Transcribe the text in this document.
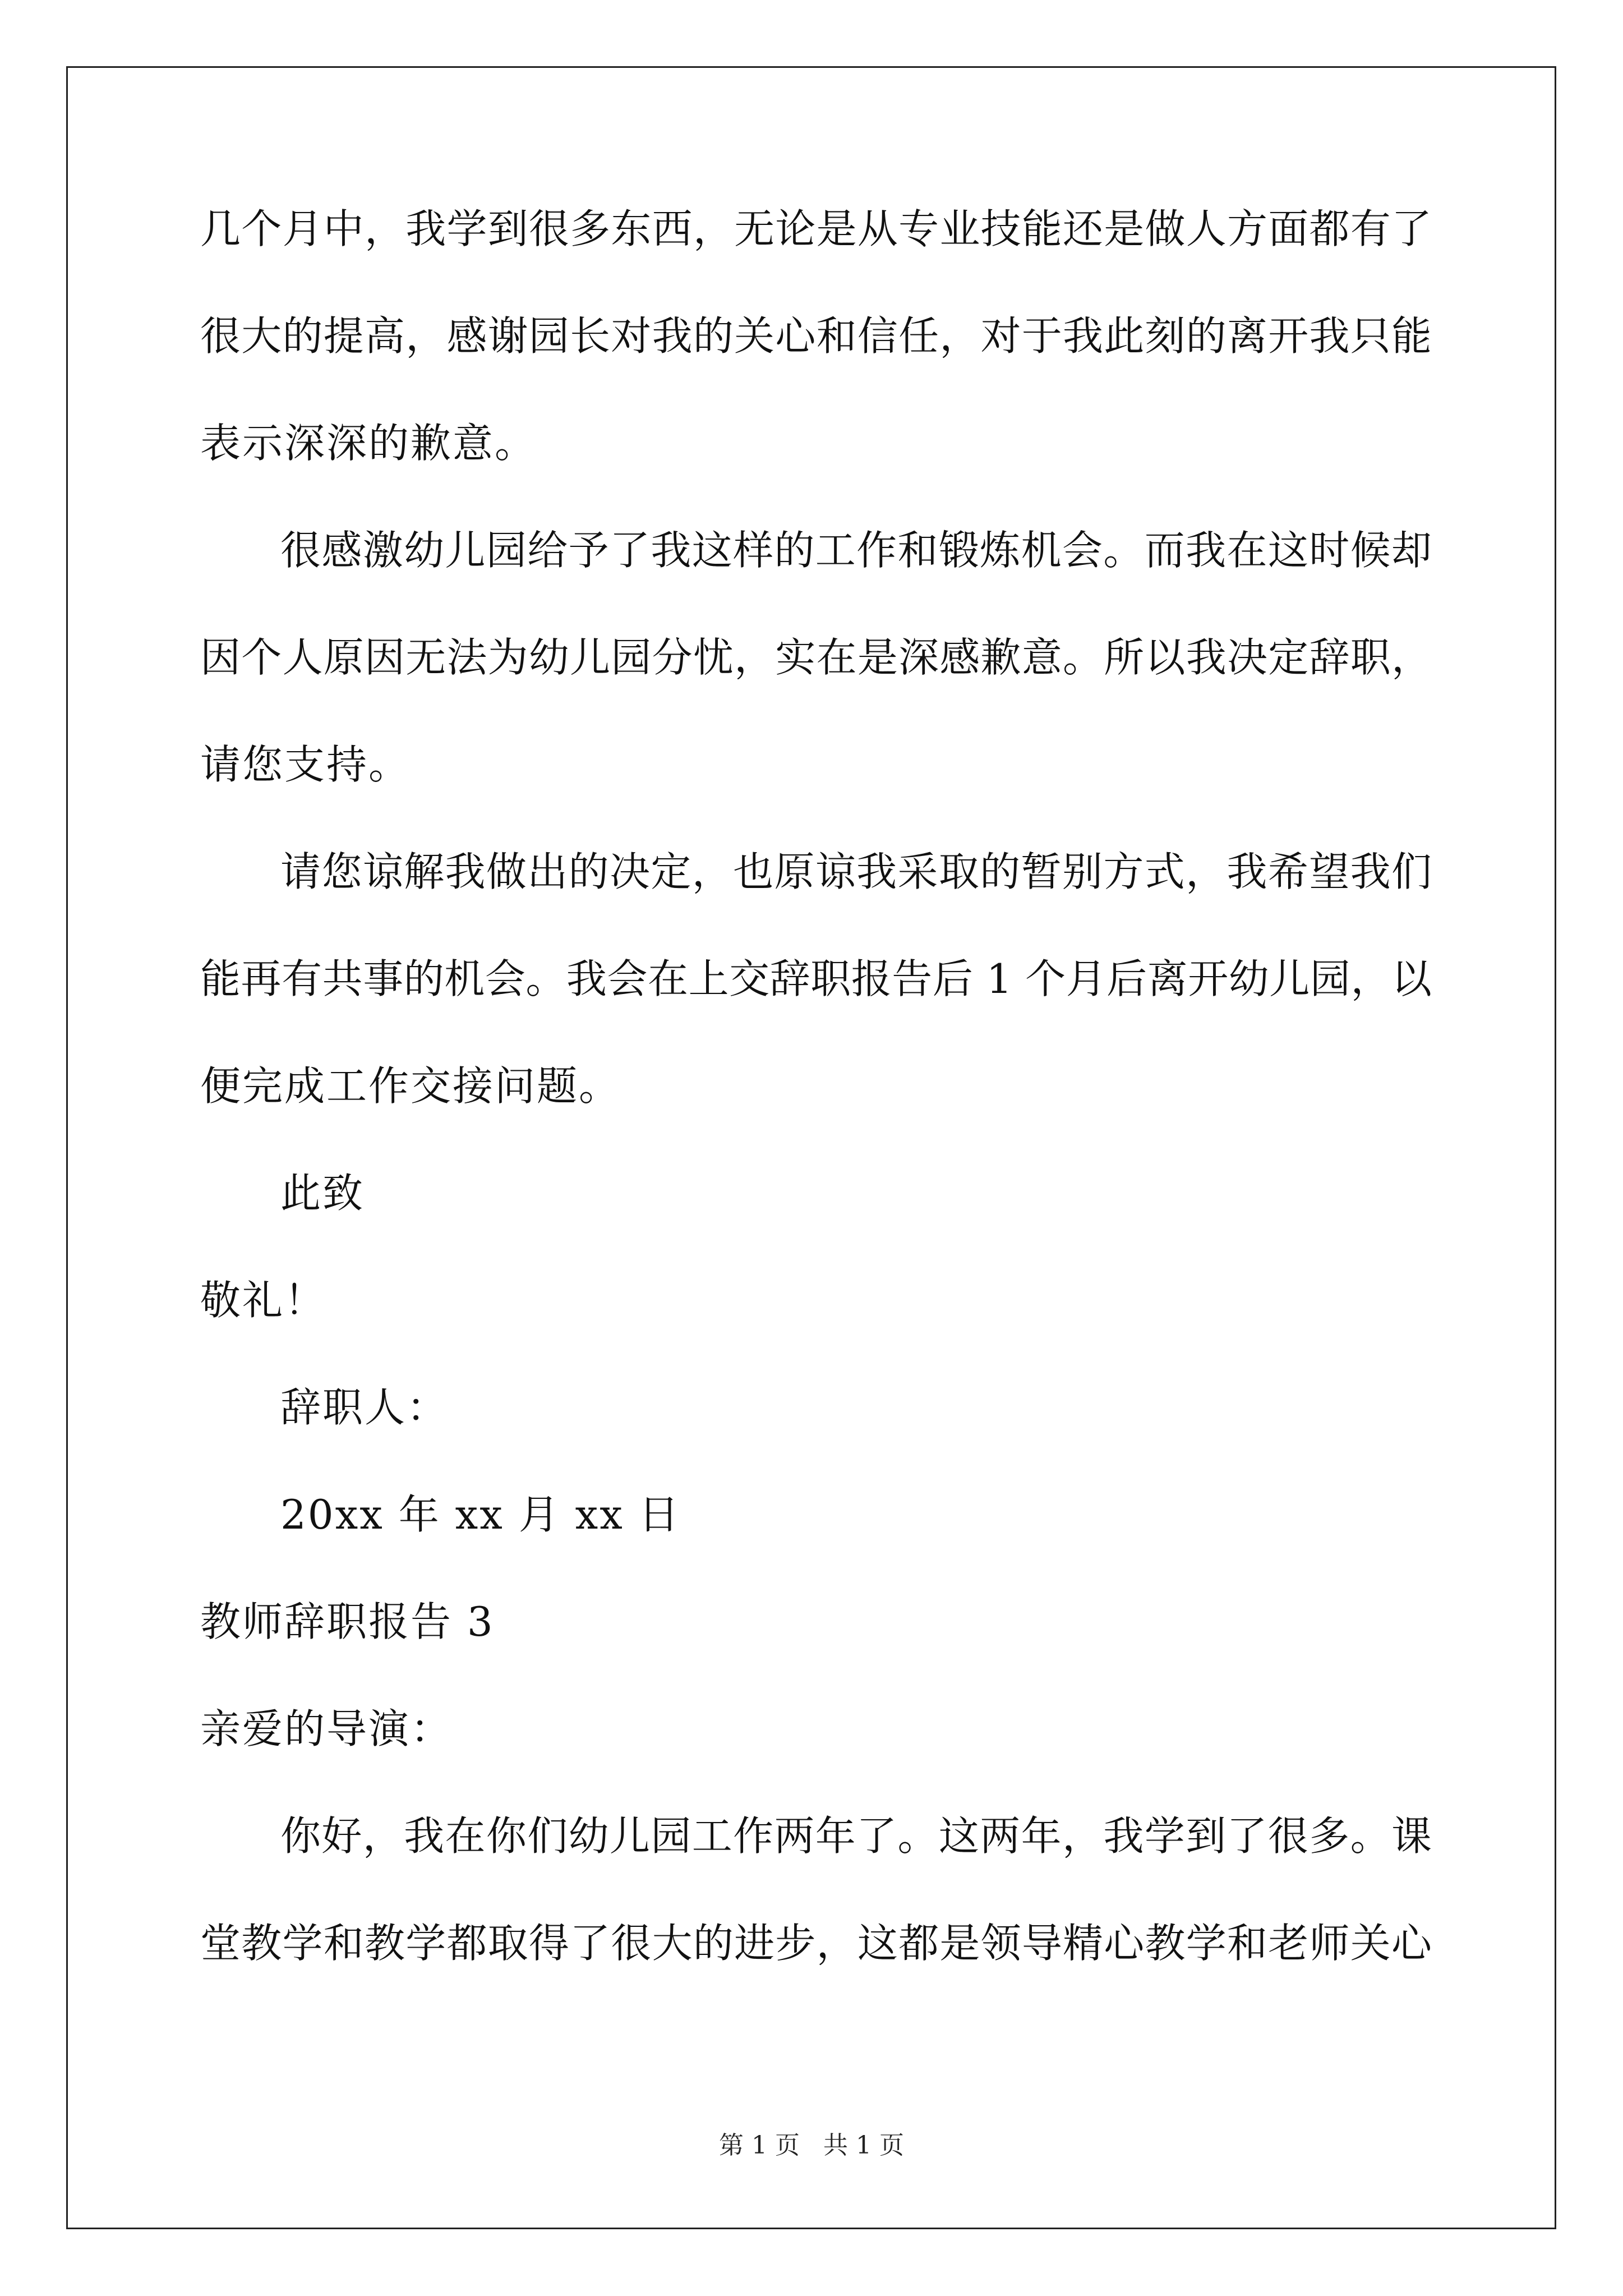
几个月中，我学到很多东西，无论是从专业技能还是做人方面都有了
很大的提高，感谢园长对我的关心和信任，对于我此刻的离开我只能
表示深深的歉意。
很感激幼儿园给予了我这样的工作和锻炼机会。而我在这时候却
因个人原因无法为幼儿园分忧，实在是深感歉意。所以我决定辞职，
请您支持。
请您谅解我做出的决定，也原谅我采取的暂别方式，我希望我们
能再有共事的机会。我会在上交辞职报告后 1 个月后离开幼儿园，以
便完成工作交接问题。
此致
敬礼！
辞职人：
20xx 年 xx 月 xx 日
教师辞职报告 3
亲爱的导演：
你好，我在你们幼儿园工作两年了。这两年，我学到了很多。课
堂教学和教学都取得了很大的进步，这都是领导精心教学和老师关心
第 1 页   共 1 页
